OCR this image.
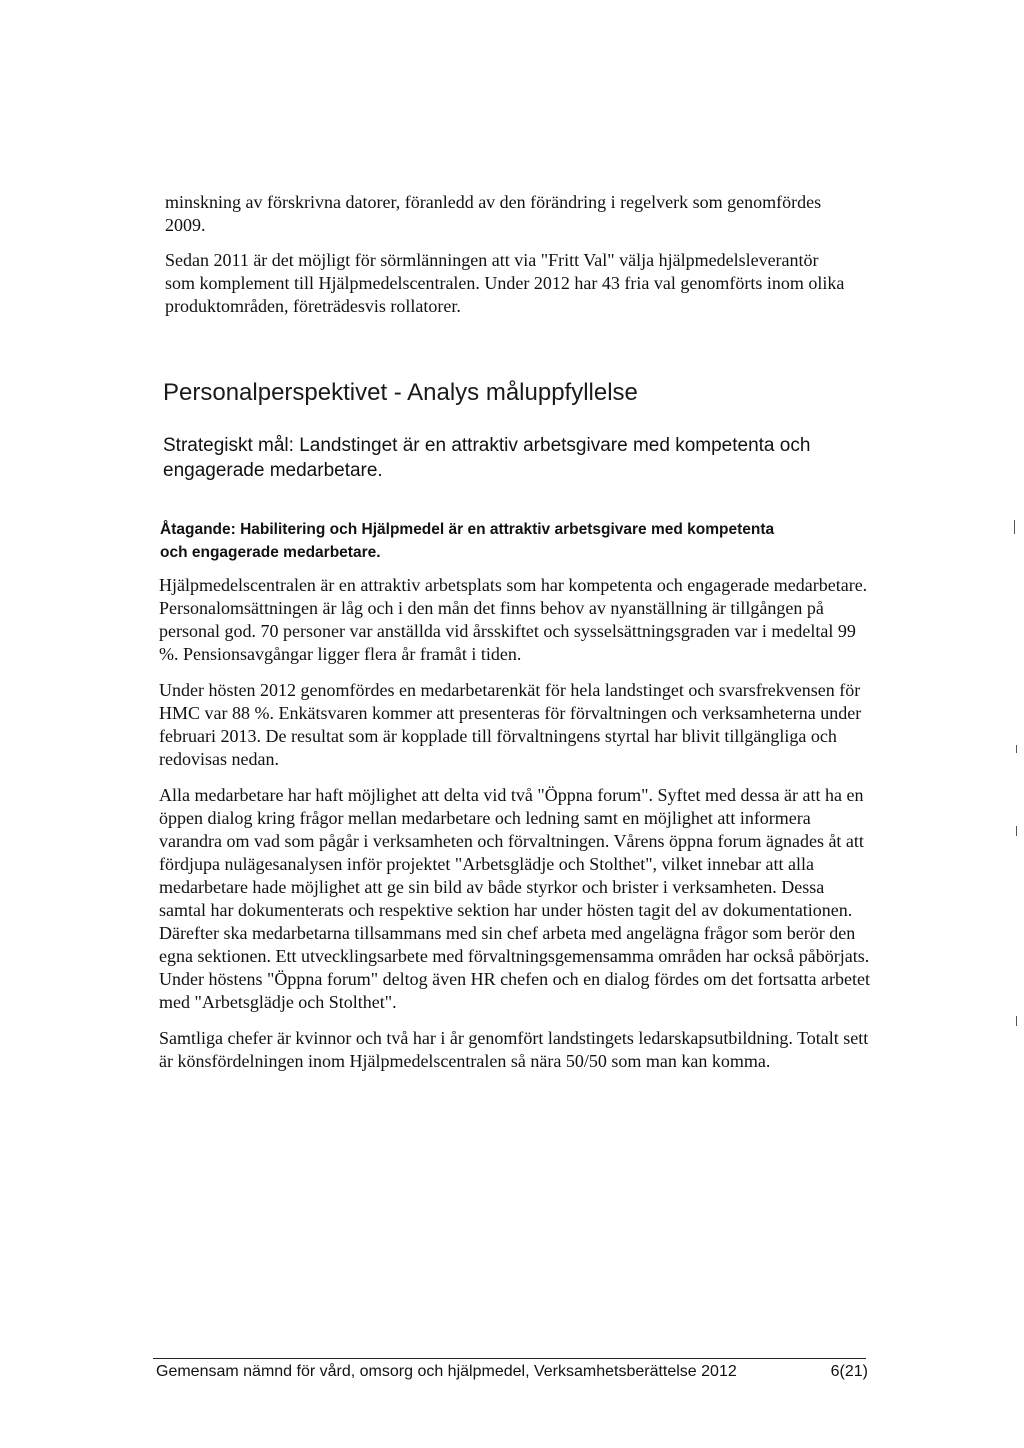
minskning av förskrivna datorer, föranledd av den förändring i regelverk som genomfördes 2009.

Sedan 2011 är det möjligt för sörmlänningen att via "Fritt Val" välja hjälpmedelsleverantör som komplement till Hjälpmedelscentralen. Under 2012 har 43 fria val genomförts inom olika produktområden, företrädesvis rollatorer.

Personalperspektivet - Analys måluppfyllelse

Strategiskt mål: Landstinget är en attraktiv arbetsgivare med kompetenta och engagerade medarbetare.

Åtagande: Habilitering och Hjälpmedel är en attraktiv arbetsgivare med kompetenta och engagerade medarbetare.

Hjälpmedelscentralen är en attraktiv arbetsplats som har kompetenta och engagerade medarbetare. Personalomsättningen är låg och i den mån det finns behov av nyanställning är tillgången på personal god. 70 personer var anställda vid årsskiftet och sysselsättningsgraden var i medeltal 99 %. Pensionsavgångar ligger flera år framåt i tiden.

Under hösten 2012 genomfördes en medarbetarenkät för hela landstinget och svarsfrekvensen för HMC var 88 %. Enkätsvaren kommer att presenteras för förvaltningen och verksamheterna under februari 2013. De resultat som är kopplade till förvaltningens styrtal har blivit tillgängliga och redovisas nedan.

Alla medarbetare har haft möjlighet att delta vid två "Öppna forum". Syftet med dessa är att ha en öppen dialog kring frågor mellan medarbetare och ledning samt en möjlighet att informera varandra om vad som pågår i verksamheten och förvaltningen. Vårens öppna forum ägnades åt att fördjupa nulägesanalysen inför projektet "Arbetsglädje och Stolthet", vilket innebar att alla medarbetare hade möjlighet att ge sin bild av både styrkor och brister i verksamheten. Dessa samtal har dokumenterats och respektive sektion har under hösten tagit del av dokumentationen. Därefter ska medarbetarna tillsammans med sin chef arbeta med angelägna frågor som berör den egna sektionen. Ett utvecklingsarbete med förvaltningsgemensamma områden har också påbörjats. Under höstens "Öppna forum" deltog även HR chefen och en dialog fördes om det fortsatta arbetet med "Arbetsglädje och Stolthet".

Samtliga chefer är kvinnor och två har i år genomfört landstingets ledarskapsutbildning. Totalt sett är könsfördelningen inom Hjälpmedelscentralen så nära 50/50 som man kan komma.

Gemensam nämnd för vård, omsorg och hjälpmedel, Verksamhetsberättelse 2012	6(21)
